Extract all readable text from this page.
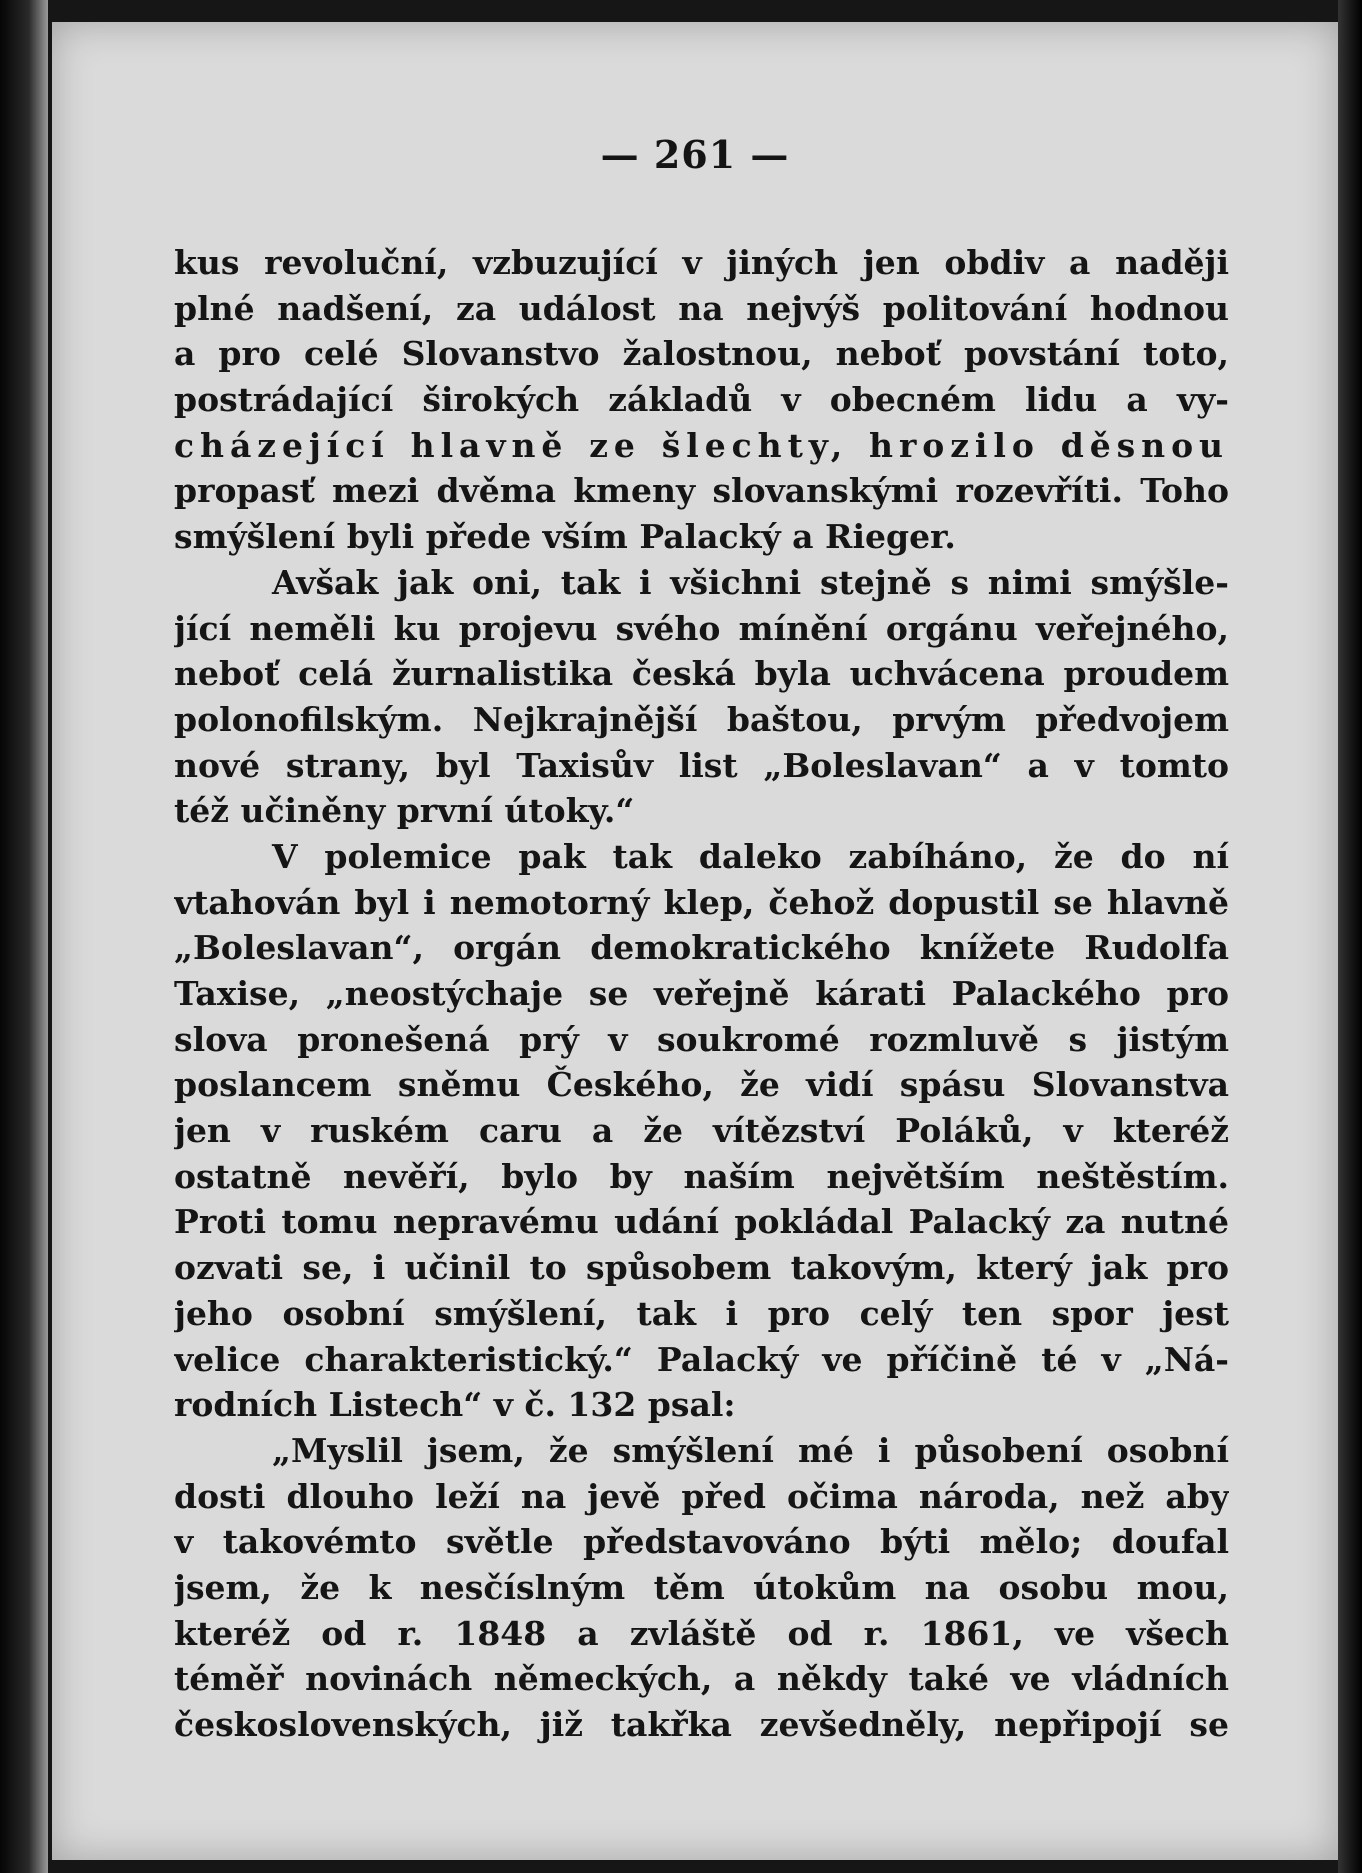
— 261 —
kus revoluční, vzbuzující v jiných jen obdiv a naději
plné nadšení, za událost na nejvýš politování hodnou
a pro celé Slovanstvo žalostnou, neboť povstání toto,
postrádající širokých základů v obecném lidu a vy-
cházející hlavně ze šlechty, hrozilo děsnou
propasť mezi dvěma kmeny slovanskými rozevříti. Toho
smýšlení byli přede vším Palacký a Rieger.
Avšak jak oni, tak i všichni stejně s nimi smýšle-
jící neměli ku projevu svého mínění orgánu veřejného,
neboť celá žurnalistika česká byla uchvácena proudem
polonofilským. Nejkrajnější baštou, prvým předvojem
nové strany, byl Taxisův list „Boleslavan“ a v tomto
též učiněny první útoky.“
V polemice pak tak daleko zabíháno, že do ní
vtahován byl i nemotorný klep, čehož dopustil se hlavně
„Boleslavan“, orgán demokratického knížete Rudolfa
Taxise, „neostýchaje se veřejně kárati Palackého pro
slova pronešená prý v soukromé rozmluvě s jistým
poslancem sněmu Českého, že vidí spásu Slovanstva
jen v ruském caru a že vítězství Poláků, v kteréž
ostatně nevěří, bylo by naším největším neštěstím.
Proti tomu nepravému udání pokládal Palacký za nutné
ozvati se, i učinil to spůsobem takovým, který jak pro
jeho osobní smýšlení, tak i pro celý ten spor jest
velice charakteristický.“ Palacký ve příčině té v „Ná-
rodních Listech“ v č. 132 psal:
„Myslil jsem, že smýšlení mé i působení osobní
dosti dlouho leží na jevě před očima národa, než aby
v takovémto světle představováno býti mělo; doufal
jsem, že k nesčíslným těm útokům na osobu mou,
kteréž od r. 1848 a zvláště od r. 1861, ve všech
téměř novinách německých, a někdy také ve vládních
československých, již takřka zevšedněly, nepřipojí se
